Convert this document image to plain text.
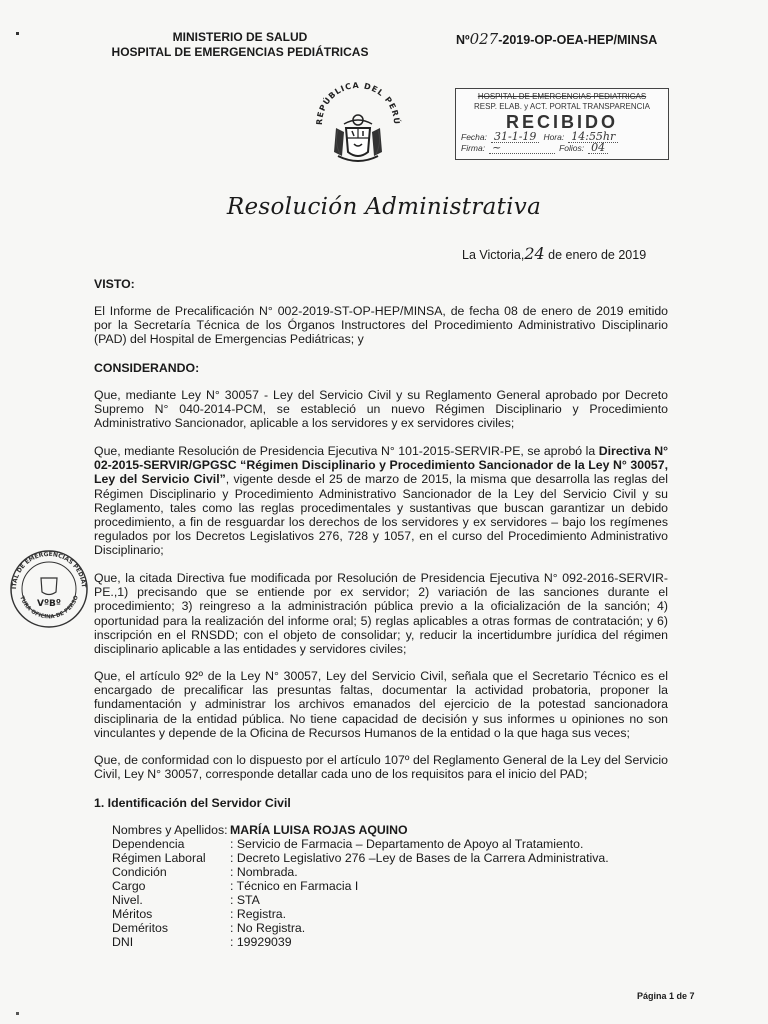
MINISTERIO DE SALUD
HOSPITAL DE EMERGENCIAS PEDIÁTRICAS
Nº027-2019-OP-OEA-HEP/MINSA
REPÚBLICA DEL PERÚ
HOSPITAL DE EMERGENCIAS PEDIATRICAS
RESP. ELAB. y ACT. PORTAL TRANSPARENCIA
RECIBIDO
Fecha: 31-1-19 Hora: 14:55hr
Firma: ~	Folios: 04
Resolución Administrativa
La Victoria,24 de enero de 2019
VISTO:
El Informe de Precalificación N° 002-2019-ST-OP-HEP/MINSA, de fecha 08 de enero de 2019 emitido por la Secretaría Técnica de los Órganos Instructores del Procedimiento Administrativo Disciplinario (PAD) del Hospital de Emergencias Pediátricas; y
CONSIDERANDO:
Que, mediante Ley N° 30057 - Ley del Servicio Civil y su Reglamento General aprobado por Decreto Supremo N° 040-2014-PCM, se estableció un nuevo Régimen Disciplinario y Procedimiento Administrativo Sancionador, aplicable a los servidores y ex servidores civiles;
Que, mediante Resolución de Presidencia Ejecutiva N° 101-2015-SERVIR-PE, se aprobó la Directiva N° 02-2015-SERVIR/GPGSC “Régimen Disciplinario y Procedimiento Sancionador de la Ley N° 30057, Ley del Servicio Civil”, vigente desde el 25 de marzo de 2015, la misma que desarrolla las reglas del Régimen Disciplinario y Procedimiento Administrativo Sancionador de la Ley del Servicio Civil y su Reglamento, tales como las reglas procedimentales y sustantivas que buscan garantizar un debido procedimiento, a fin de resguardar los derechos de los servidores y ex servidores – bajo los regímenes regulados por los Decretos Legislativos 276, 728 y 1057, en el curso del Procedimiento Administrativo Disciplinario;
Que, la citada Directiva fue modificada por Resolución de Presidencia Ejecutiva N° 092-2016-SERVIR-PE.,1) precisando que se entiende por ex servidor; 2) variación de las sanciones durante el procedimiento; 3) reingreso a la administración pública previo a la oficialización de la sanción; 4) oportunidad para la realización del informe oral; 5) reglas aplicables a otras formas de contratación; y 6) inscripción en el RNSDD; con el objeto de consolidar; y, reducir la incertidumbre jurídica del régimen disciplinario aplicable a las entidades y servidores civiles;
Que, el artículo 92º de la Ley N° 30057, Ley del Servicio Civil, señala que el Secretario Técnico es el encargado de precalificar las presuntas faltas, documentar la actividad probatoria, proponer la fundamentación y administrar los archivos emanados del ejercicio de la potestad sancionadora disciplinaria de la entidad pública. No tiene capacidad de decisión y sus informes u opiniones no son vinculantes y depende de la Oficina de Recursos Humanos de la entidad o la que haga sus veces;
Que, de conformidad con lo dispuesto por el artículo 107º del Reglamento General de la Ley del Servicio Civil, Ley N° 30057, corresponde detallar cada uno de los requisitos para el inicio del PAD;
1. Identificación del Servidor Civil
Nombres y Apellidos: MARÍA LUISA ROJAS AQUINO
Dependencia	: Servicio de Farmacia – Departamento de Apoyo al Tratamiento.
Régimen Laboral : Decreto Legislativo 276 –Ley de Bases de la Carrera Administrativa.
Condición	: Nombrada.
Cargo	: Técnico en Farmacia I
Nivel.	: STA
Méritos	: Registra.
Deméritos	: No Registra.
DNI	: 19929039
ITAL DE EMERGENCIAS PEDIÁT
TURA OFICINA DE PERSO
VºBº
Página 1 de 7
